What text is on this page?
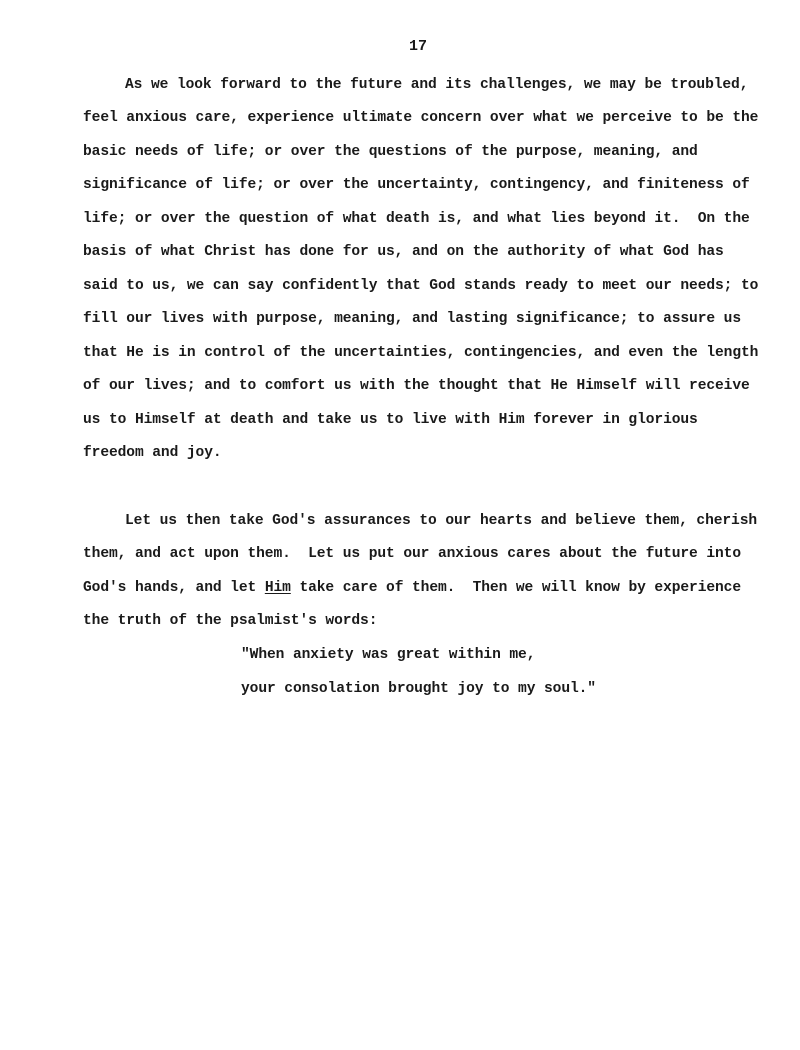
17
As we look forward to the future and its challenges, we may be troubled,
feel anxious care, experience ultimate concern over what we perceive to be the
basic needs of life; or over the questions of the purpose, meaning, and
significance of life; or over the uncertainty, contingency, and finiteness of
life; or over the question of what death is, and what lies beyond it.  On the
basis of what Christ has done for us, and on the authority of what God has
said to us, we can say confidently that God stands ready to meet our needs; to
fill our lives with purpose, meaning, and lasting significance; to assure us
that He is in control of the uncertainties, contingencies, and even the length
of our lives; and to comfort us with the thought that He Himself will receive
us to Himself at death and take us to live with Him forever in glorious
freedom and joy.
Let us then take God's assurances to our hearts and believe them, cherish
them, and act upon them.  Let us put our anxious cares about the future into
God's hands, and let Him take care of them.  Then we will know by experience
the truth of the psalmist's words:
"When anxiety was great within me,
your consolation brought joy to my soul."
